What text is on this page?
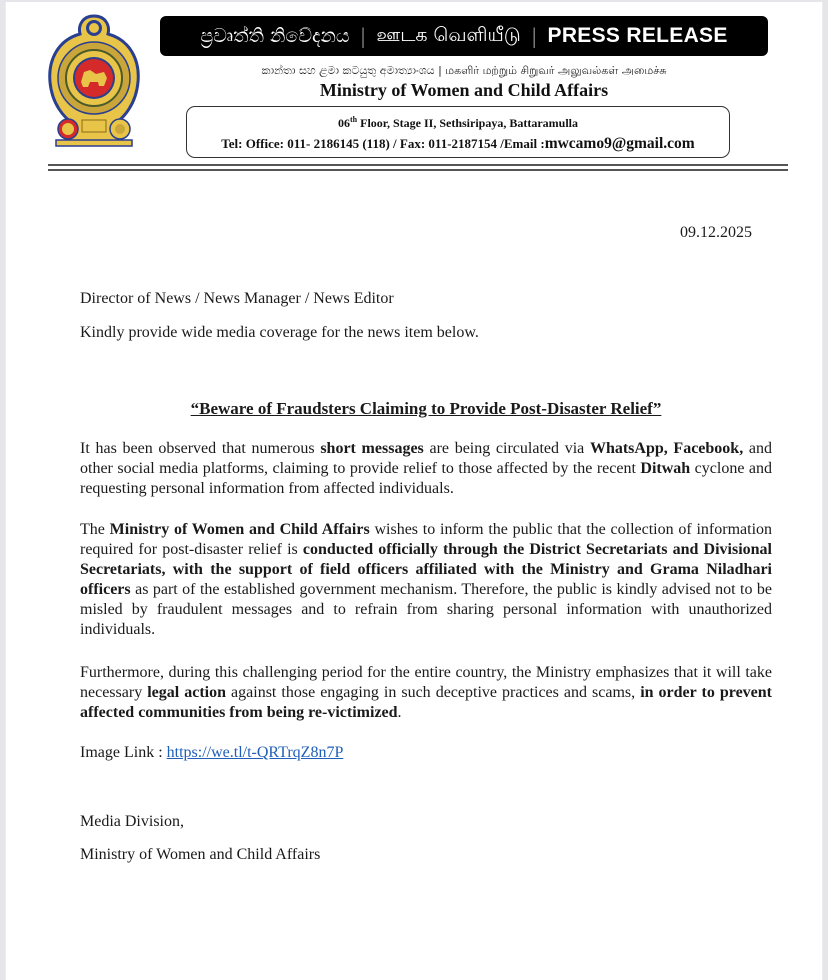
ප්‍රවෘත්ති නිවේදනය | ஊடக வெளியீடு | PRESS RELEASE
කාන්තා සහ ළමා කටයුතු අමාත්‍යාංශය | மகளிர் மற்றும் சிறுவர் அலுவல்கள் அமைச்சு
Ministry of Women and Child Affairs
06th Floor, Stage II, Sethsiripaya, Battaramulla
Tel: Office: 011- 2186145 (118) / Fax: 011-2187154 /Email :mwcamo9@gmail.com
09.12.2025
Director of News / News Manager / News Editor
Kindly provide wide media coverage for the news item below.
“Beware of Fraudsters Claiming to Provide Post-Disaster Relief”
It has been observed that numerous short messages are being circulated via WhatsApp, Facebook, and other social media platforms, claiming to provide relief to those affected by the recent Ditwah cyclone and requesting personal information from affected individuals.
The Ministry of Women and Child Affairs wishes to inform the public that the collection of information required for post-disaster relief is conducted officially through the District Secretariats and Divisional Secretariats, with the support of field officers affiliated with the Ministry and Grama Niladhari officers as part of the established government mechanism. Therefore, the public is kindly advised not to be misled by fraudulent messages and to refrain from sharing personal information with unauthorized individuals.
Furthermore, during this challenging period for the entire country, the Ministry emphasizes that it will take necessary legal action against those engaging in such deceptive practices and scams, in order to prevent affected communities from being re-victimized.
Image Link : https://we.tl/t-QRTrqZ8n7P
Media Division,
Ministry of Women and Child Affairs
